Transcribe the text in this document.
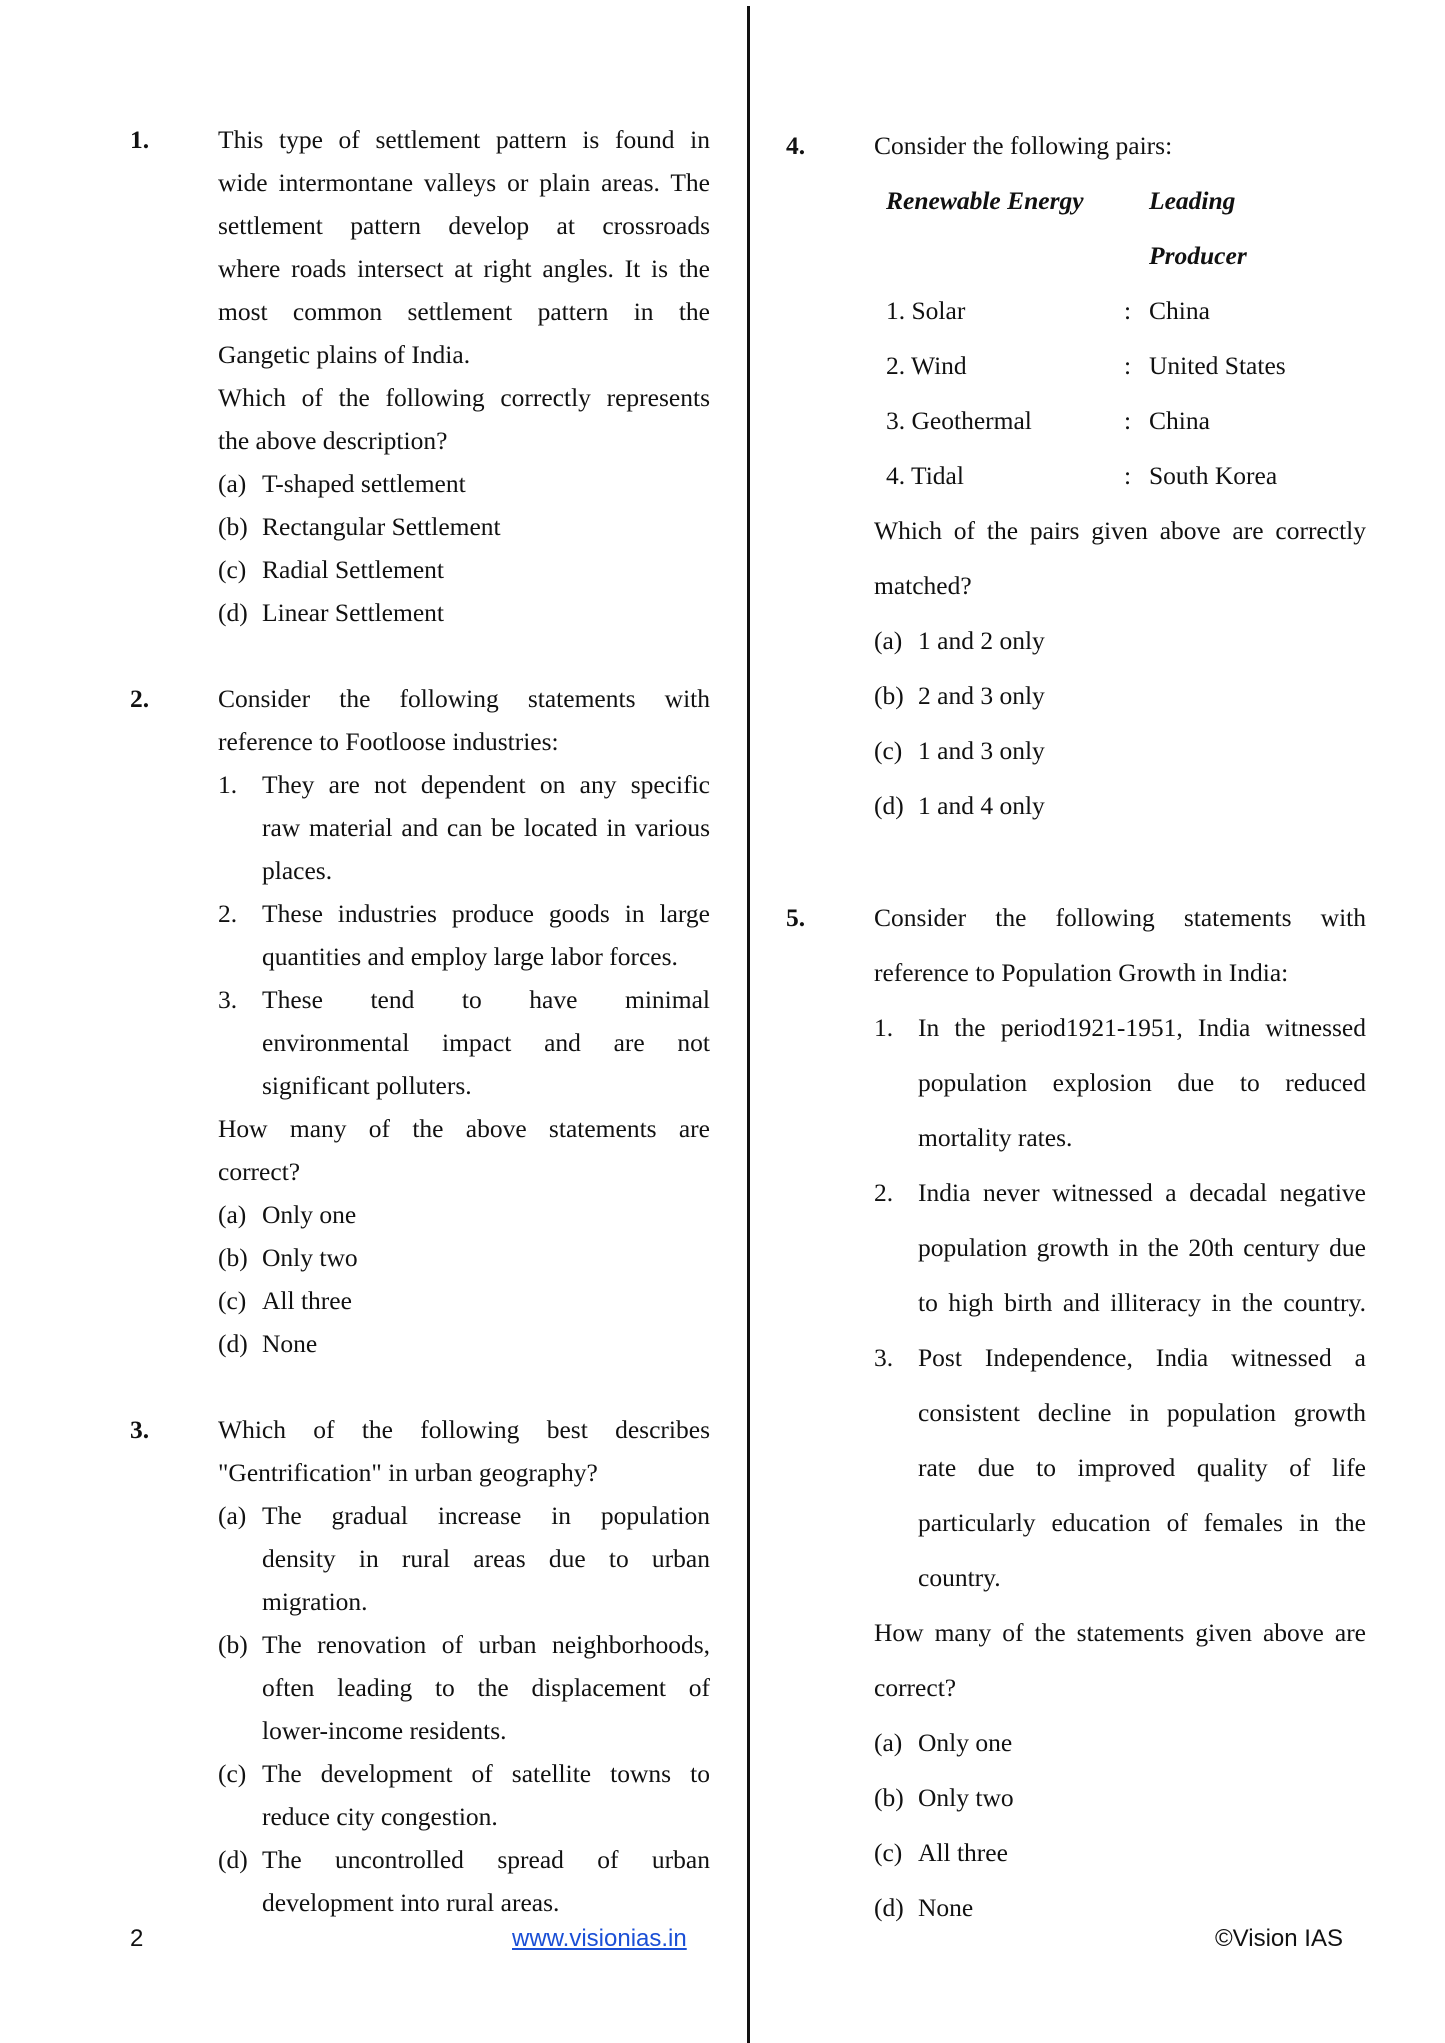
1.	This type of settlement pattern is found in
wide intermontane valleys or plain areas. The
settlement pattern develop at crossroads
where roads intersect at right angles. It is the
most common settlement pattern in the
Gangetic plains of India.
Which of the following correctly represents
the above description?
(a) T-shaped settlement
(b) Rectangular Settlement
(c) Radial Settlement
(d) Linear Settlement
2.	Consider the following statements with
reference to Footloose industries:
1. They are not dependent on any specific
raw material and can be located in various
places.
2. These industries produce goods in large
quantities and employ large labor forces.
3. These tend to have minimal
environmental impact and are not
significant polluters.
How many of the above statements are
correct?
(a) Only one
(b) Only two
(c) All three
(d) None
3.	Which of the following best describes
"Gentrification" in urban geography?
(a) The gradual increase in population
density in rural areas due to urban
migration.
(b) The renovation of urban neighborhoods,
often leading to the displacement of
lower-income residents.
(c) The development of satellite towns to
reduce city congestion.
(d) The uncontrolled spread of urban
development into rural areas.
4.	Consider the following pairs:
Renewable Energy	Leading
Producer
1. Solar	: China
2. Wind	: United States
3. Geothermal	: China
4. Tidal	: South Korea
Which of the pairs given above are correctly
matched?
(a) 1 and 2 only
(b) 2 and 3 only
(c) 1 and 3 only
(d) 1 and 4 only
5.	Consider the following statements with
reference to Population Growth in India:
1. In the period1921-1951, India witnessed
population explosion due to reduced
mortality rates.
2. India never witnessed a decadal negative
population growth in the 20th century due
to high birth and illiteracy in the country.
3. Post Independence, India witnessed a
consistent decline in population growth
rate due to improved quality of life
particularly education of females in the
country.
How many of the statements given above are
correct?
(a) Only one
(b) Only two
(c) All three
(d) None
2	www.visionias.in	©Vision IAS
